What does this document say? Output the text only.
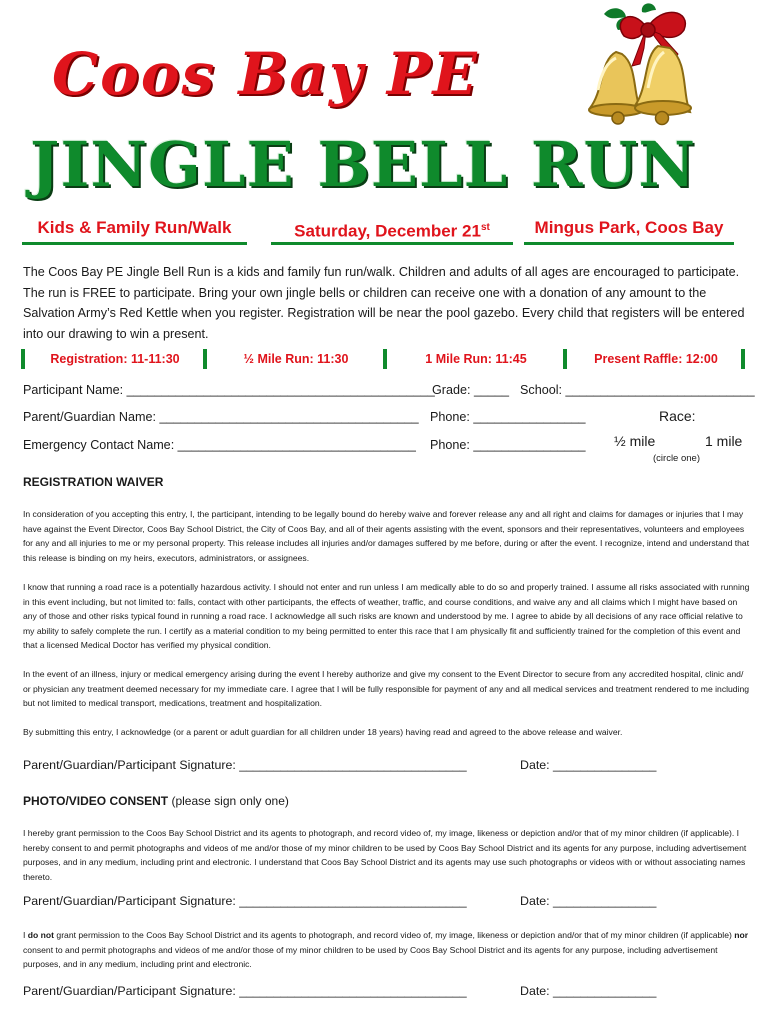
Coos Bay PE
JINGLE BELL RUN
Kids & Family Run/Walk	Saturday, December 21st	Mingus Park, Coos Bay
The Coos Bay PE Jingle Bell Run is a kids and family fun run/walk. Children and adults of all ages are encouraged to participate. The run is FREE to participate. Bring your own jingle bells or children can receive one with a donation of any amount to the Salvation Army’s Red Kettle when you register. Registration will be near the pool gazebo. Every child that registers will be entered into our drawing to win a present.
Registration: 11-11:30	½ Mile Run: 11:30	1 Mile Run: 11:45	Present Raffle: 12:00
Participant Name: ____________________________________________
Grade: _____ School: ___________________________
Parent/Guardian Name: _____________________________________ Phone: ________________	Race:
Emergency Contact Name: __________________________________ Phone: ________________ ½ mile	1 mile
(circle one)
REGISTRATION WAIVER
In consideration of you accepting this entry, I, the participant, intending to be legally bound do hereby waive and forever release any and all right and claims for damages or injuries that I may have against the Event Director, Coos Bay School District, the City of Coos Bay, and all of their agents assisting with the event, sponsors and their representatives, volunteers and employees for any and all injuries to me or my personal property. This release includes all injuries and/or damages suffered by me before, during or after the event. I recognize, intend and understand that this release is binding on my heirs, executors, administrators, or assignees.
I know that running a road race is a potentially hazardous activity. I should not enter and run unless I am medically able to do so and properly trained. I assume all risks associated with running in this event including, but not limited to: falls, contact with other participants, the effects of weather, traffic, and course conditions, and waive any and all claims which I might have based on any of those and other risks typical found in running a road race. I acknowledge all such risks are known and understood by me. I agree to abide by all decisions of any race official relative to my ability to safely complete the run. I certify as a material condition to my being permitted to enter this race that I am physically fit and sufficiently trained for the completion of this event and that a licensed Medical Doctor has verified my physical condition.
In the event of an illness, injury or medical emergency arising during the event I hereby authorize and give my consent to the Event Director to secure from any accredited hospital, clinic and/ or physician any treatment deemed necessary for my immediate care. I agree that I will be fully responsible for payment of any and all medical services and treatment rendered to me including but not limited to medical transport, medications, treatment and hospitalization.
By submitting this entry, I acknowledge (or a parent or adult guardian for all children under 18 years) having read and agreed to the above release and waiver.
Parent/Guardian/Participant Signature: _________________________________	Date: _______________
PHOTO/VIDEO CONSENT (please sign only one)
I hereby grant permission to the Coos Bay School District and its agents to photograph, and record video of, my image, likeness or depiction and/or that of my minor children (if applicable). I hereby consent to and permit photographs and videos of me and/or those of my minor children to be used by Coos Bay School District and its agents for any purpose, including advertisement purposes, and in any medium, including print and electronic. I understand that Coos Bay School District and its agents may use such photographs or videos with or without associating names thereto.
Parent/Guardian/Participant Signature: _________________________________	Date: _______________
I do not grant permission to the Coos Bay School District and its agents to photograph, and record video of, my image, likeness or depiction and/or that of my minor children (if applicable) nor consent to and permit photographs and videos of me and/or those of my minor children to be used by Coos Bay School District and its agents for any purpose, including advertisement purposes, and in any medium, including print and electronic.
Parent/Guardian/Participant Signature: _________________________________	Date: _______________
